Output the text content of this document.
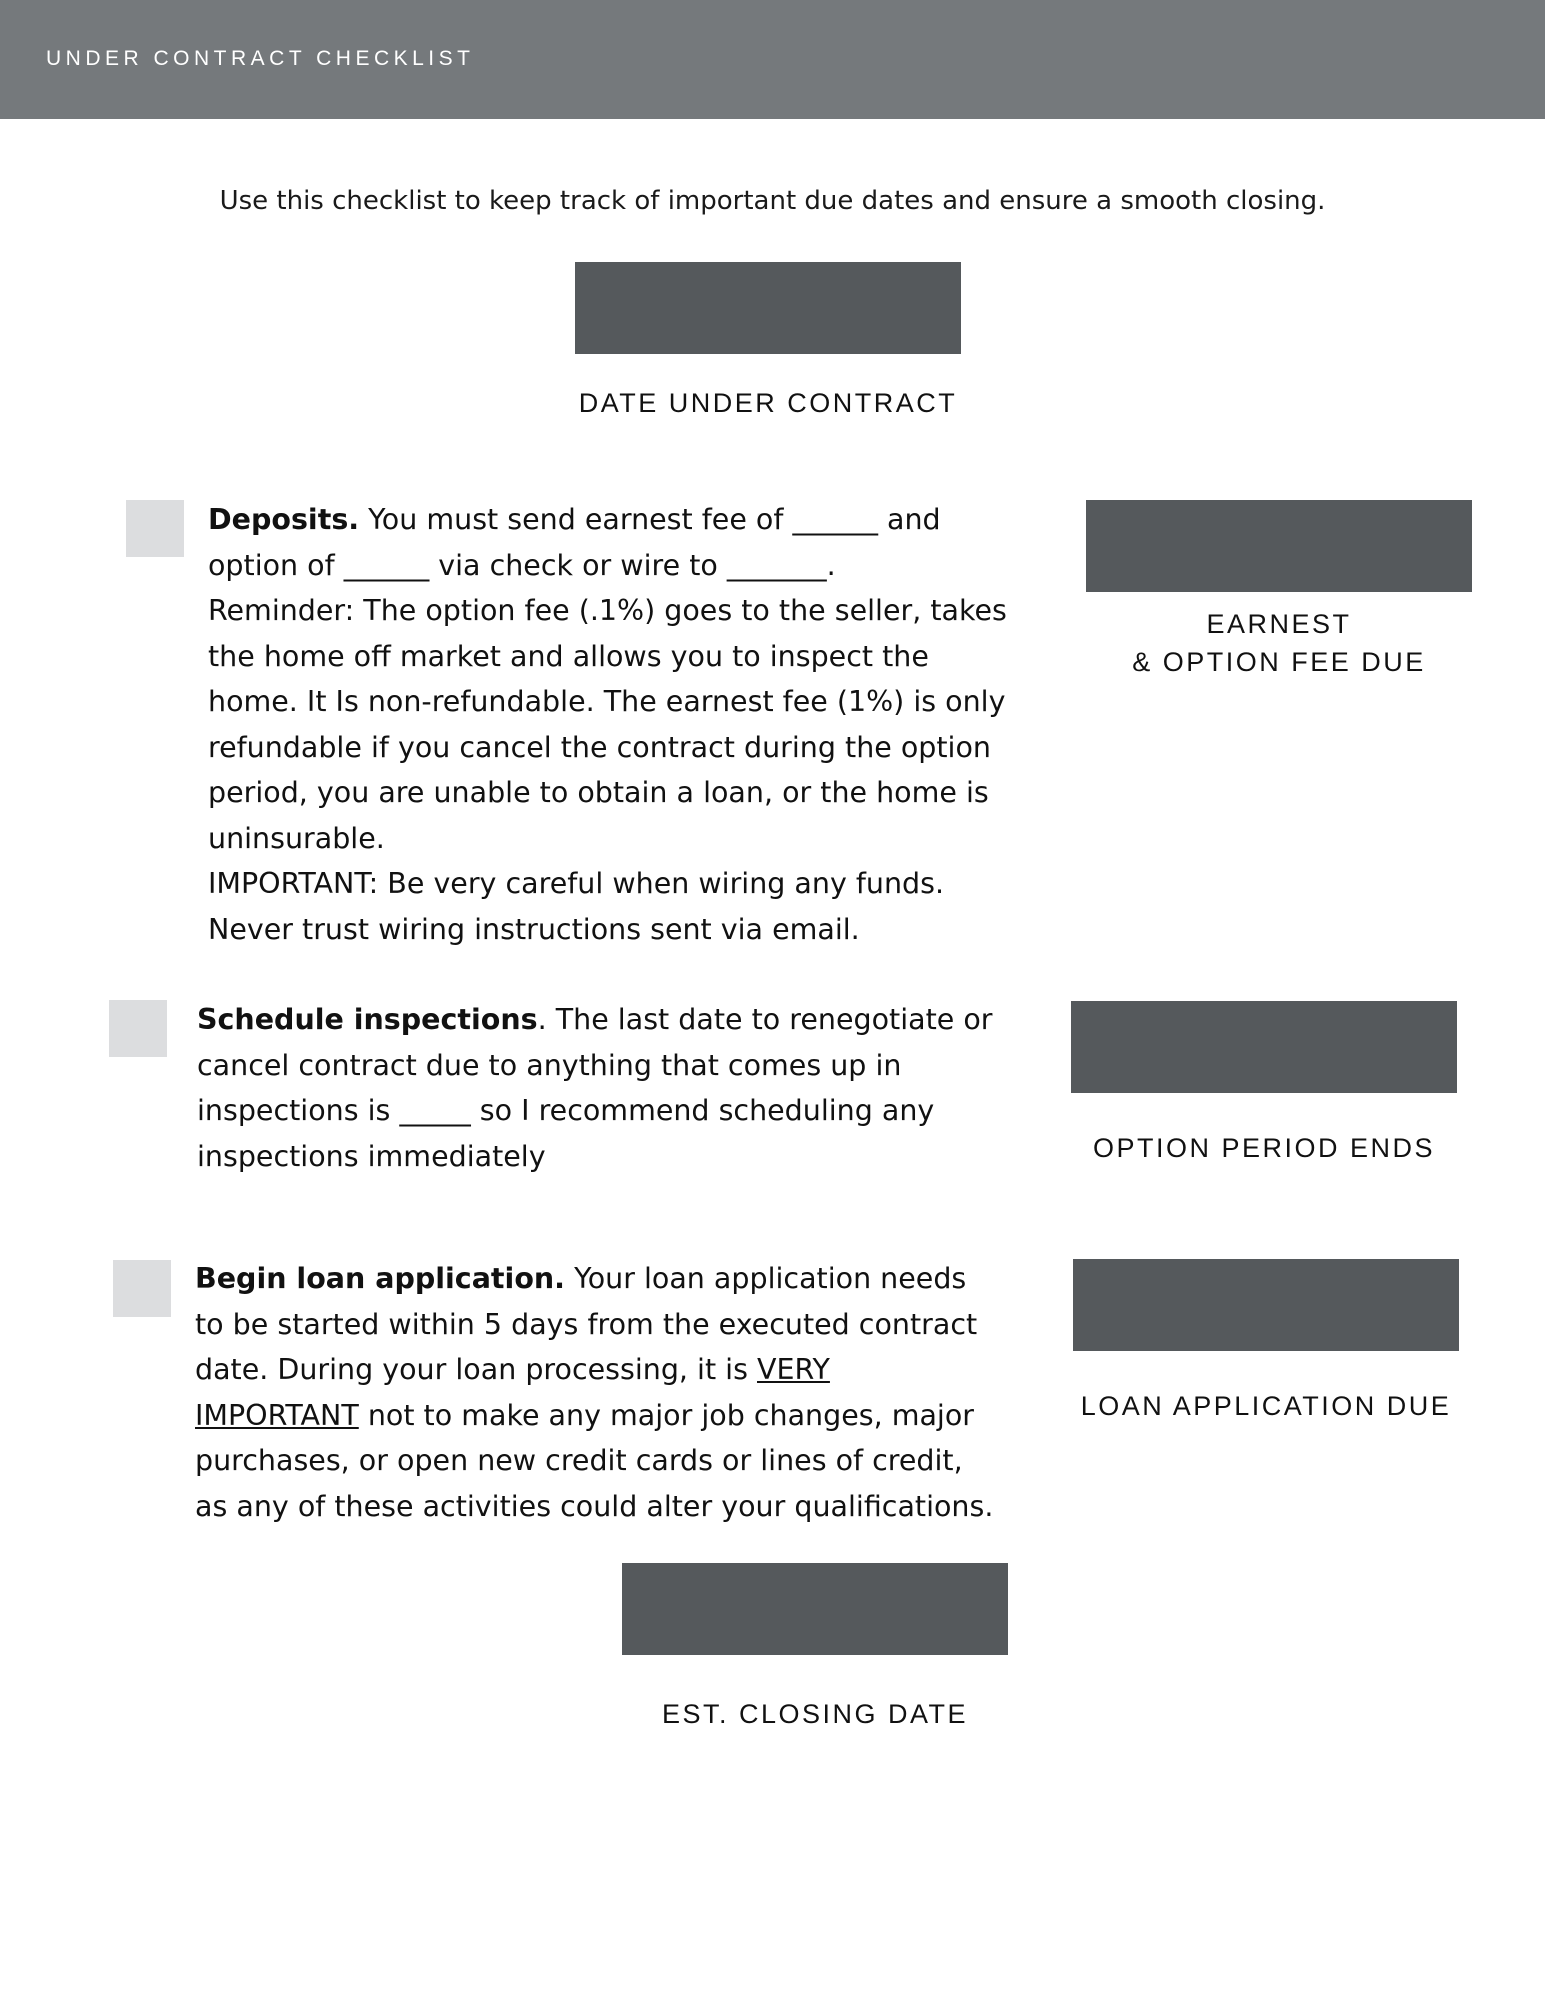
UNDER CONTRACT CHECKLIST
Use this checklist to keep track of important due dates and ensure a smooth closing.
DATE UNDER CONTRACT

Deposits. You must send earnest fee of ______ and option of ______ via check or wire to _______.

Reminder: The option fee (.1%) goes to the seller, takes the home off market and allows you to inspect the home. It Is non-refundable. The earnest fee (1%) is only refundable if you cancel the contract during the option period, you are unable to obtain a loan, or the home is uninsurable.

IMPORTANT: Be very careful when wiring any funds. Never trust wiring instructions sent via email.

EARNEST
& OPTION FEE DUE

Schedule inspections. The last date to renegotiate or cancel contract due to anything that comes up in inspections is _____ so I recommend scheduling any inspections immediately	OPTION PERIOD ENDS

Begin loan application. Your loan application needs to be started within 5 days from the executed contract date. During your loan processing, it is VERY IMPORTANT not to make any major job changes, major purchases, or open new credit cards or lines of credit, as any of these activities could alter your qualifications.

LOAN APPLICATION DUE
EST. CLOSING DATE
